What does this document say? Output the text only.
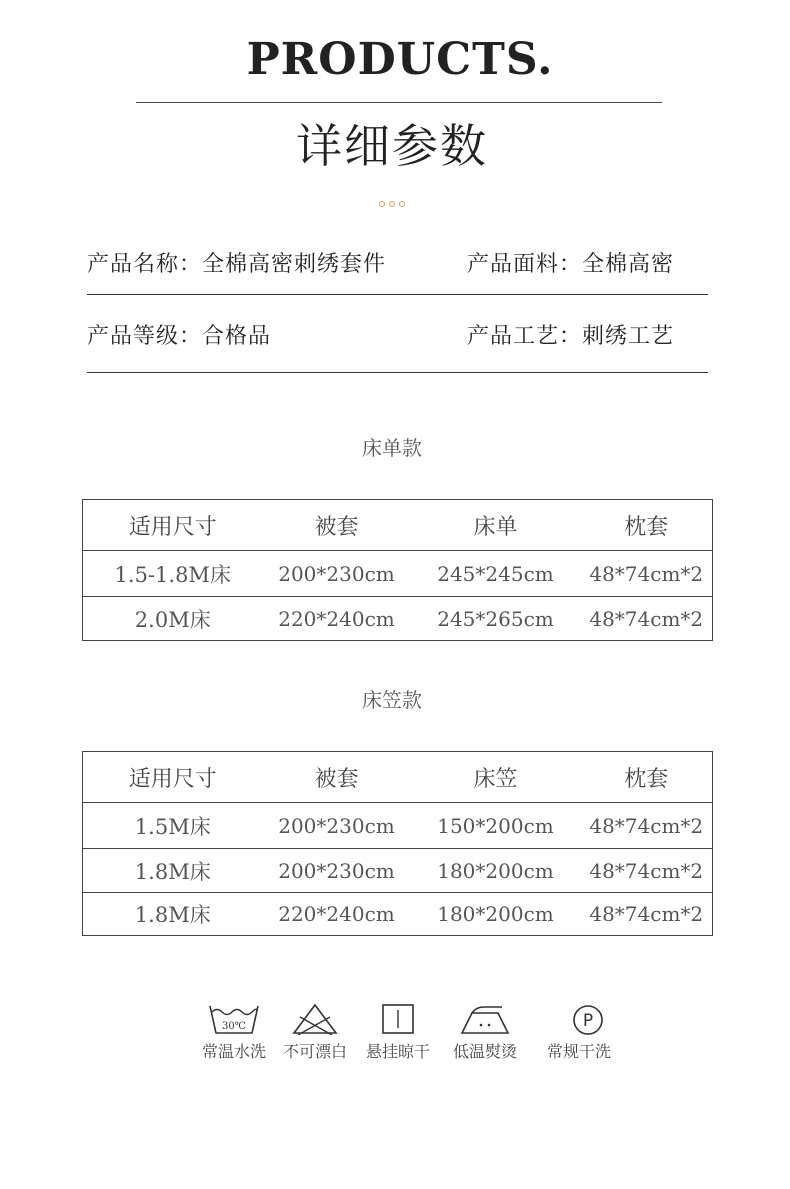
PRODUCTS.
详细参数
产品名称：全棉高密刺绣套件	产品面料：全棉高密
产品等级：合格品	产品工艺：刺绣工艺
床单款
适用尺寸	被套	床单	枕套
1.5-1.8M床	200*230cm	245*245cm	48*74cm*2
2.0M床	220*240cm	245*265cm	48*74cm*2
床笠款
适用尺寸	被套	床笠	枕套
1.5M床	200*230cm	150*200cm	48*74cm*2
1.8M床	200*230cm	180*200cm	48*74cm*2
1.8M床	220*240cm	180*200cm	48*74cm*2
30℃
常温水洗 不可漂白 悬挂晾干 低温熨烫
P
常规干洗
